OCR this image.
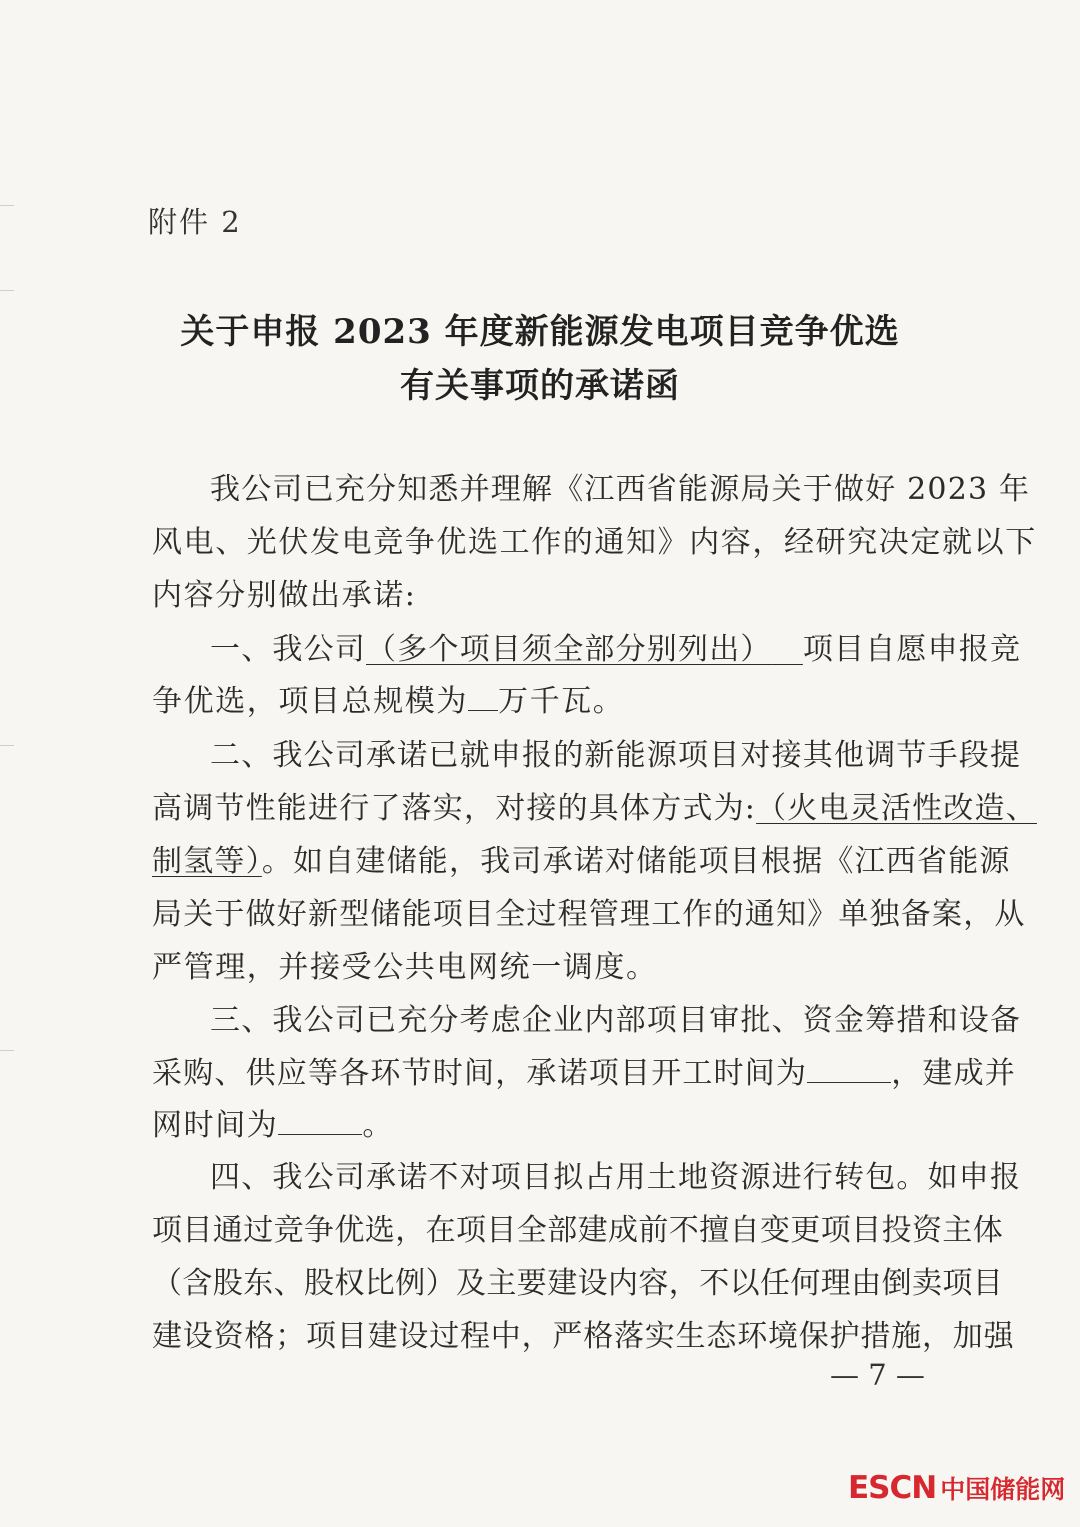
附件 2
关于申报 2023 年度新能源发电项目竞争优选
有关事项的承诺函
我公司已充分知悉并理解《江西省能源局关于做好 2023 年
风电、光伏发电竞争优选工作的通知》内容，经研究决定就以下
内容分别做出承诺:
一、我公司（多个项目须全部分别列出）  项目自愿申报竞
争优选，项目总规模为 万千瓦。
二、我公司承诺已就申报的新能源项目对接其他调节手段提
高调节性能进行了落实，对接的具体方式为:（火电灵活性改造、
制氢等）。如自建储能，我司承诺对储能项目根据《江西省能源
局关于做好新型储能项目全过程管理工作的通知》单独备案，从
严管理，并接受公共电网统一调度。
三、我公司已充分考虑企业内部项目审批、资金筹措和设备
采购、供应等各环节时间，承诺项目开工时间为	，建成并
网时间为	。
四、我公司承诺不对项目拟占用土地资源进行转包。如申报
项目通过竞争优选，在项目全部建成前不擅自变更项目投资主体
（含股东、股权比例）及主要建设内容，不以任何理由倒卖项目
建设资格；项目建设过程中，严格落实生态环境保护措施，加强
— 7 —
ESCN 中国储能网
